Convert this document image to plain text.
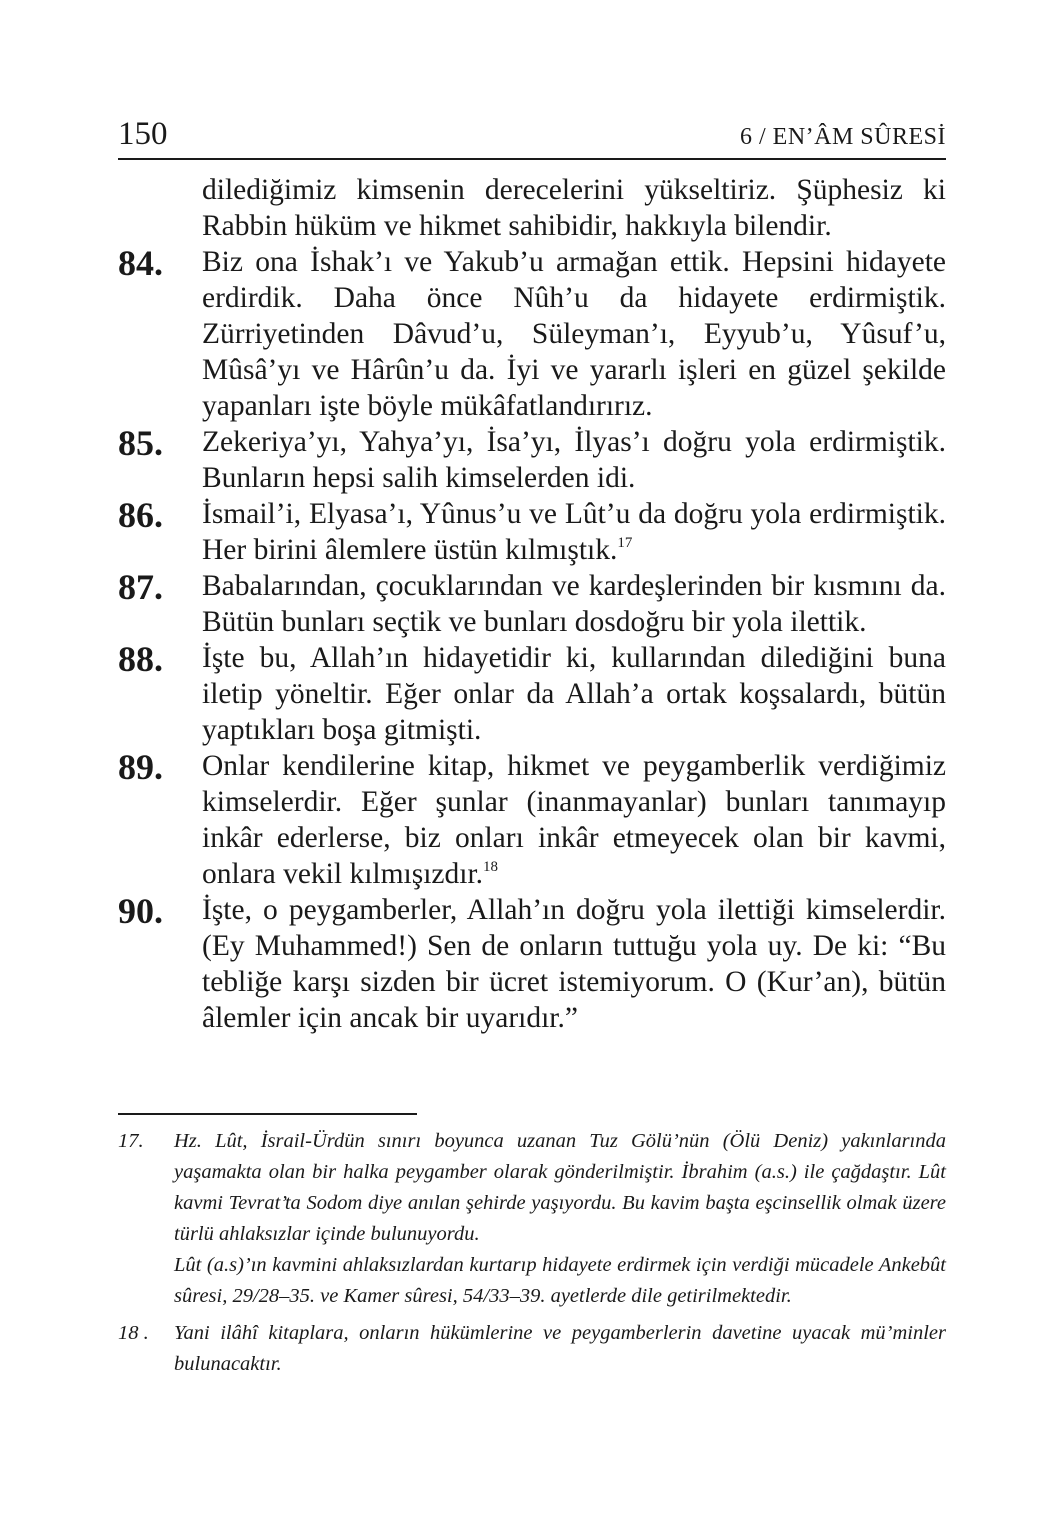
150	6 / EN’ÂM SÛRESİ
dilediğimiz kimsenin derecelerini yükseltiriz. Şüphesiz ki Rabbin hüküm ve hikmet sahibidir, hakkıyla bilendir.
84. Biz ona İshak’ı ve Yakub’u armağan ettik. Hepsini hidayete erdirdik. Daha önce Nûh’u da hidayete erdirmiştik. Zürriyetinden Dâvud’u, Süleyman’ı, Eyyub’u, Yûsuf’u, Mûsâ’yı ve Hârûn’u da. İyi ve yararlı işleri en güzel şekilde yapanları işte böyle mükâfatlandırırız.
85. Zekeriya’yı, Yahya’yı, İsa’yı, İlyas’ı doğru yola erdirmiştik. Bunların hepsi salih kimselerden idi.
86. İsmail’i, Elyasa’ı, Yûnus’u ve Lût’u da doğru yola erdirmiştik. Her birini âlemlere üstün kılmıştık.$^{17}$
87. Babalarından, çocuklarından ve kardeşlerinden bir kısmını da. Bütün bunları seçtik ve bunları dosdoğru bir yola ilettik.
88. İşte bu, Allah’ın hidayetidir ki, kullarından dilediğini buna iletip yöneltir. Eğer onlar da Allah’a ortak koşsalardı, bütün yaptıkları boşa gitmişti.
89. Onlar kendilerine kitap, hikmet ve peygamberlik verdiğimiz kimselerdir. Eğer şunlar (inanmayanlar) bunları tanımayıp inkâr ederlerse, biz onları inkâr etmeyecek olan bir kavmi, onlara vekil kılmışızdır.$^{18}$
90. İşte, o peygamberler, Allah’ın doğru yola ilettiği kimselerdir. (Ey Muhammed!) Sen de onların tuttuğu yola uy. De ki: “Bu tebliğe karşı sizden bir ücret istemiyorum. O (Kur’an), bütün âlemler için ancak bir uyarıdır.”
17. Hz. Lût, İsrail-Ürdün sınırı boyunca uzanan Tuz Gölü’nün (Ölü Deniz) yakınlarında yaşamakta olan bir halka peygamber olarak gönderilmiştir. İbrahim (a.s.) ile çağdaştır. Lût kavmi Tevrat’ta Sodom diye anılan şehirde yaşıyordu. Bu kavim başta eşcinsellik olmak üzere türlü ahlaksızlar içinde bulunuyordu.
Lût (a.s)’ın kavmini ahlaksızlardan kurtarıp hidayete erdirmek için verdiği mücadele Ankebût sûresi, 29/28–35. ve Kamer sûresi, 54/33–39. ayetlerde dile getirilmektedir.
18 . Yani ilâhî kitaplara, onların hükümlerine ve peygamberlerin davetine uyacak mü’minler bulunacaktır.
